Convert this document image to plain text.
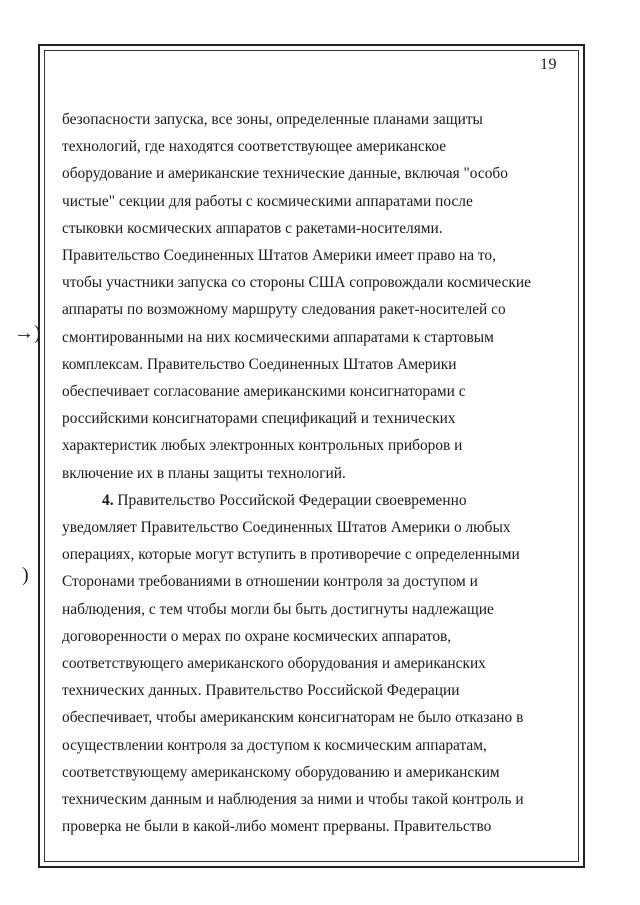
→)
)
19
безопасности запуска, все зоны, определенные планами защиты
технологий, где находятся соответствующее американское
оборудование и американские технические данные, включая "особо
чистые" секции для работы с космическими аппаратами после
стыковки космических аппаратов с ракетами-носителями.
Правительство Соединенных Штатов Америки имеет право на то,
чтобы участники запуска со стороны США сопровождали космические
аппараты по возможному маршруту следования ракет-носителей со
смонтированными на них космическими аппаратами к стартовым
комплексам. Правительство Соединенных Штатов Америки
обеспечивает согласование американскими консигнаторами с
российскими консигнаторами спецификаций и технических
характеристик любых электронных контрольных приборов и
включение их в планы защиты технологий.
4. Правительство Российской Федерации своевременно
уведомляет Правительство Соединенных Штатов Америки о любых
операциях, которые могут вступить в противоречие с определенными
Сторонами требованиями в отношении контроля за доступом и
наблюдения, с тем чтобы могли бы быть достигнуты надлежащие
договоренности о мерах по охране космических аппаратов,
соответствующего американского оборудования и американских
технических данных. Правительство Российской Федерации
обеспечивает, чтобы американским консигнаторам не было отказано в
осуществлении контроля за доступом к космическим аппаратам,
соответствующему американскому оборудованию и американским
техническим данным и наблюдения за ними и чтобы такой контроль и
проверка не были в какой-либо момент прерваны. Правительство
